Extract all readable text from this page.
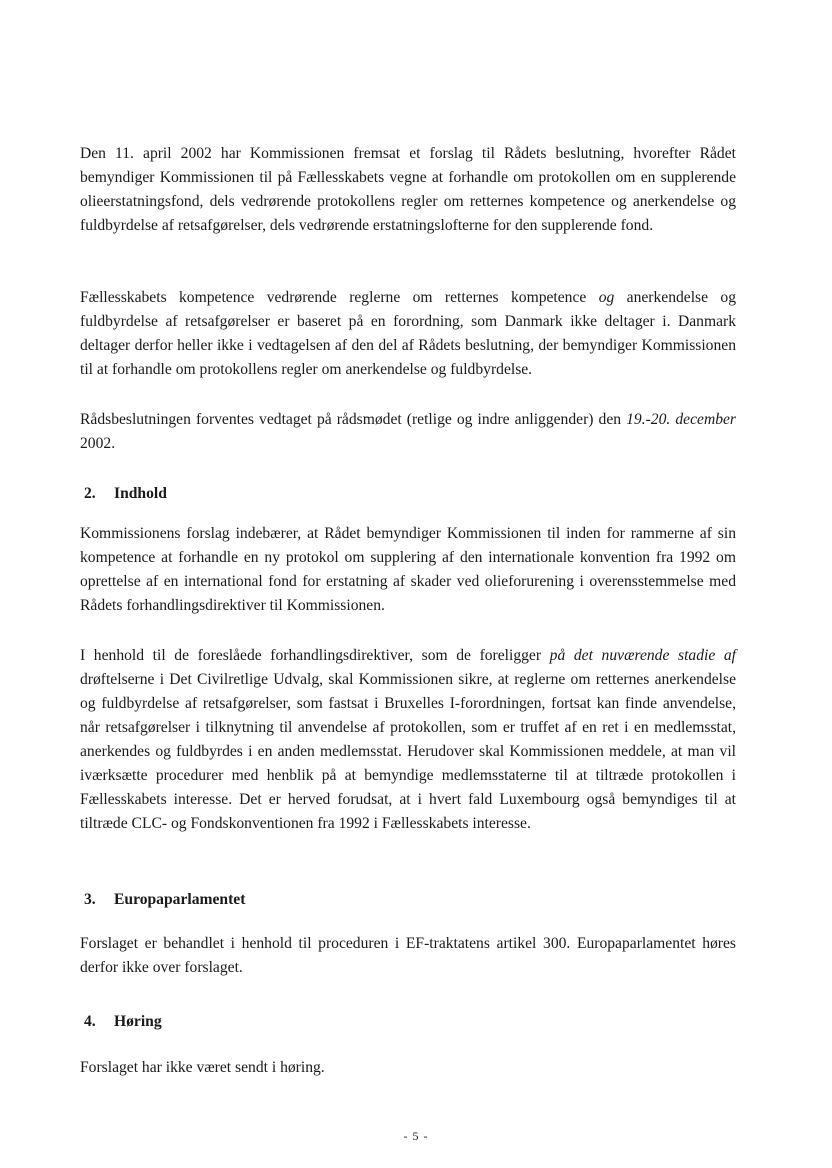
Den 11. april 2002 har Kommissionen fremsat et forslag til Rådets beslutning, hvorefter Rådet bemyndiger Kommissionen til på Fællesskabets vegne at forhandle om protokollen om en supplerende olieerstatningsfond, dels vedrørende protokollens regler om retternes kompetence og anerkendelse og fuldbyrdelse af retsafgørelser, dels vedrørende erstatningslofterne for den supplerende fond.

Fællesskabets kompetence vedrørende reglerne om retternes kompetence og anerkendelse og fuldbyrdelse af retsafgørelser er baseret på en forordning, som Danmark ikke deltager i. Danmark deltager derfor heller ikke i vedtagelsen af den del af Rådets beslutning, der bemyndiger Kommissionen til at forhandle om protokollens regler om anerkendelse og fuldbyrdelse.

Rådsbeslutningen forventes vedtaget på rådsmødet (retlige og indre anliggender) den 19.-20. december 2002.

2. Indhold

Kommissionens forslag indebærer, at Rådet bemyndiger Kommissionen til inden for rammerne af sin kompetence at forhandle en ny protokol om supplering af den internationale konvention fra 1992 om oprettelse af en international fond for erstatning af skader ved olieforurening i overensstemmelse med Rådets forhandlingsdirektiver til Kommissionen.

I henhold til de foreslåede forhandlingsdirektiver, som de foreligger på det nuværende stadie af drøftelserne i Det Civilretlige Udvalg, skal Kommissionen sikre, at reglerne om retternes anerkendelse og fuldbyrdelse af retsafgørelser, som fastsat i Bruxelles I-forordningen, fortsat kan finde anvendelse, når retsafgørelser i tilknytning til anvendelse af protokollen, som er truffet af en ret i en medlemsstat, anerkendes og fuldbyrdes i en anden medlemsstat. Herudover skal Kommissionen meddele, at man vil iværksætte procedurer med henblik på at bemyndige medlemsstaterne til at tiltræde protokollen i Fællesskabets interesse. Det er herved forudsat, at i hvert fald Luxembourg også bemyndiges til at tiltræde CLC- og Fondskonventionen fra 1992 i Fællesskabets interesse.

3. Europaparlamentet

Forslaget er behandlet i henhold til proceduren i EF-traktatens artikel 300. Europaparlamentet høres derfor ikke over forslaget.

4. Høring

Forslaget har ikke været sendt i høring.

- 5 -
